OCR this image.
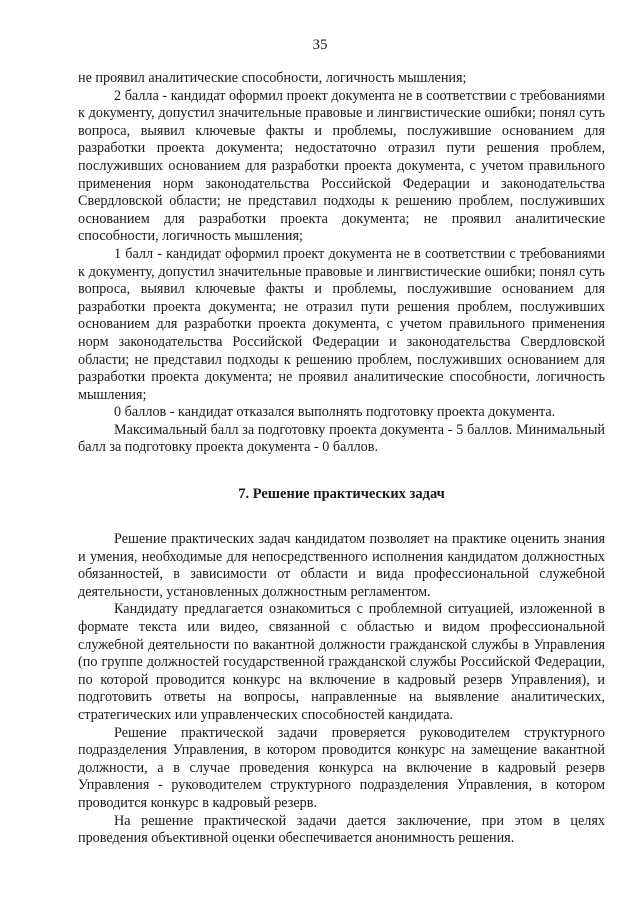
35

не проявил аналитические способности, логичность мышления;

2 балла - кандидат оформил проект документа не в соответствии с требованиями к документу, допустил значительные правовые и лингвистические ошибки; понял суть вопроса, выявил ключевые факты и проблемы, послужившие основанием для разработки проекта документа; недостаточно отразил пути решения проблем, послуживших основанием для разработки проекта документа, с учетом правильного применения норм законодательства Российской Федерации и законодательства Свердловской области; не представил подходы к решению проблем, послуживших основанием для разработки проекта документа; не проявил аналитические способности, логичность мышления;

1 балл - кандидат оформил проект документа не в соответствии с требованиями к документу, допустил значительные правовые и лингвистические ошибки; понял суть вопроса, выявил ключевые факты и проблемы, послужившие основанием для разработки проекта документа; не отразил пути решения проблем, послуживших основанием для разработки проекта документа, с учетом правильного применения норм законодательства Российской Федерации и законодательства Свердловской области; не представил подходы к решению проблем, послуживших основанием для разработки проекта документа; не проявил аналитические способности, логичность мышления;

0 баллов - кандидат отказался выполнять подготовку проекта документа.

Максимальный балл за подготовку проекта документа - 5 баллов. Минимальный балл за подготовку проекта документа - 0 баллов.

7. Решение практических задач

Решение практических задач кандидатом позволяет на практике оценить знания и умения, необходимые для непосредственного исполнения кандидатом должностных обязанностей, в зависимости от области и вида профессиональной служебной деятельности, установленных должностным регламентом.

Кандидату предлагается ознакомиться с проблемной ситуацией, изложенной в формате текста или видео, связанной с областью и видом профессиональной служебной деятельности по вакантной должности гражданской службы в Управления (по группе должностей государственной гражданской службы Российской Федерации, по которой проводится конкурс на включение в кадровый резерв Управления), и подготовить ответы на вопросы, направленные на выявление аналитических, стратегических или управленческих способностей кандидата.

Решение практической задачи проверяется руководителем структурного подразделения Управления, в котором проводится конкурс на замещение вакантной должности, а в случае проведения конкурса на включение в кадровый резерв Управления - руководителем структурного подразделения Управления, в котором проводится конкурс в кадровый резерв.

На решение практической задачи дается заключение, при этом в целях проведения объективной оценки обеспечивается анонимность решения.
